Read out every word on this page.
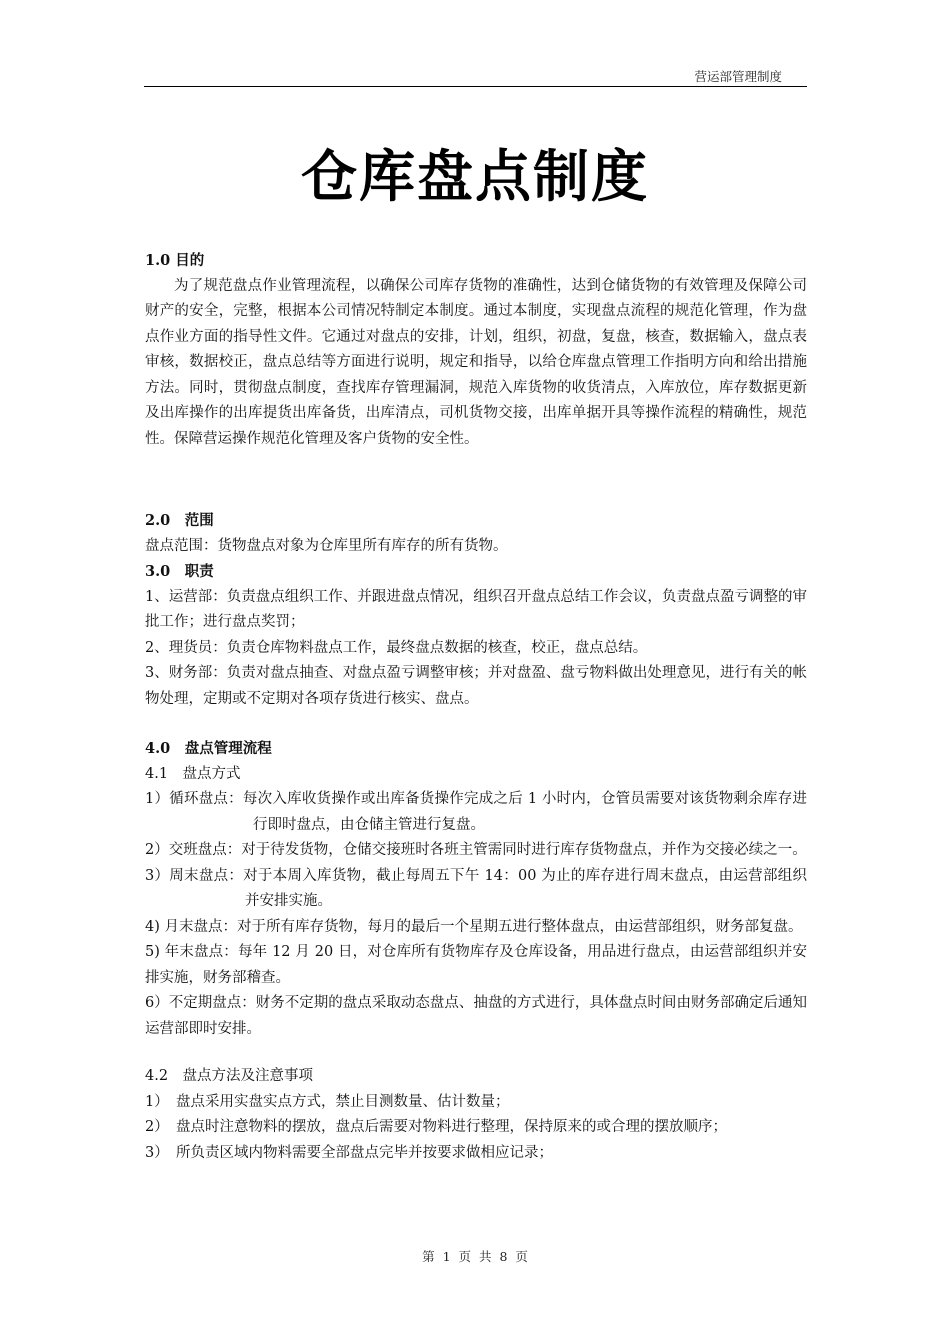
营运部管理制度
仓库盘点制度

1.0 目的

为了规范盘点作业管理流程，以确保公司库存货物的准确性，达到仓储货物的有效管理及保障公司财产的安全，完整，根据本公司情况特制定本制度。通过本制度，实现盘点流程的规范化管理，作为盘点作业方面的指导性文件。它通过对盘点的安排，计划，组织，初盘，复盘，核查，数据输入，盘点表审核，数据校正，盘点总结等方面进行说明，规定和指导，以给仓库盘点管理工作指明方向和给出措施方法。同时，贯彻盘点制度，查找库存管理漏洞，规范入库货物的收货清点，入库放位，库存数据更新及出库操作的出库提货出库备货，出库清点，司机货物交接，出库单据开具等操作流程的精确性，规范性。保障营运操作规范化管理及客户货物的安全性。

2.0　范围

盘点范围：货物盘点对象为仓库里所有库存的所有货物。

3.0　职责

1、运营部：负责盘点组织工作、并跟进盘点情况，组织召开盘点总结工作会议，负责盘点盈亏调整的审批工作；进行盘点奖罚；

2、理货员：负责仓库物料盘点工作，最终盘点数据的核查，校正，盘点总结。

3、财务部：负责对盘点抽查、对盘点盈亏调整审核；并对盘盈、盘亏物料做出处理意见，进行有关的帐物处理，定期或不定期对各项存货进行核实、盘点。

4.0　盘点管理流程

4.1　盘点方式

1）循环盘点：每次入库收货操作或出库备货操作完成之后 1 小时内，仓管员需要对该货物剩余库存进行即时盘点，由仓储主管进行复盘。

2）交班盘点：对于待发货物，仓储交接班时各班主管需同时进行库存货物盘点，并作为交接必续之一。

3）周末盘点：对于本周入库货物，截止每周五下午 14：00 为止的库存进行周末盘点，由运营部组织并安排实施。

4) 月末盘点：对于所有库存货物，每月的最后一个星期五进行整体盘点，由运营部组织，财务部复盘。

5) 年末盘点：每年 12 月 20 日，对仓库所有货物库存及仓库设备，用品进行盘点，由运营部组织并安排实施，财务部稽查。

6）不定期盘点：财务不定期的盘点采取动态盘点、抽盘的方式进行，具体盘点时间由财务部确定后通知运营部即时安排。

4.2　盘点方法及注意事项

1）　盘点采用实盘实点方式，禁止目测数量、估计数量；

2）　盘点时注意物料的摆放，盘点后需要对物料进行整理，保持原来的或合理的摆放顺序；

3）　所负责区域内物料需要全部盘点完毕并按要求做相应记录；

第 1 页 共 8 页
